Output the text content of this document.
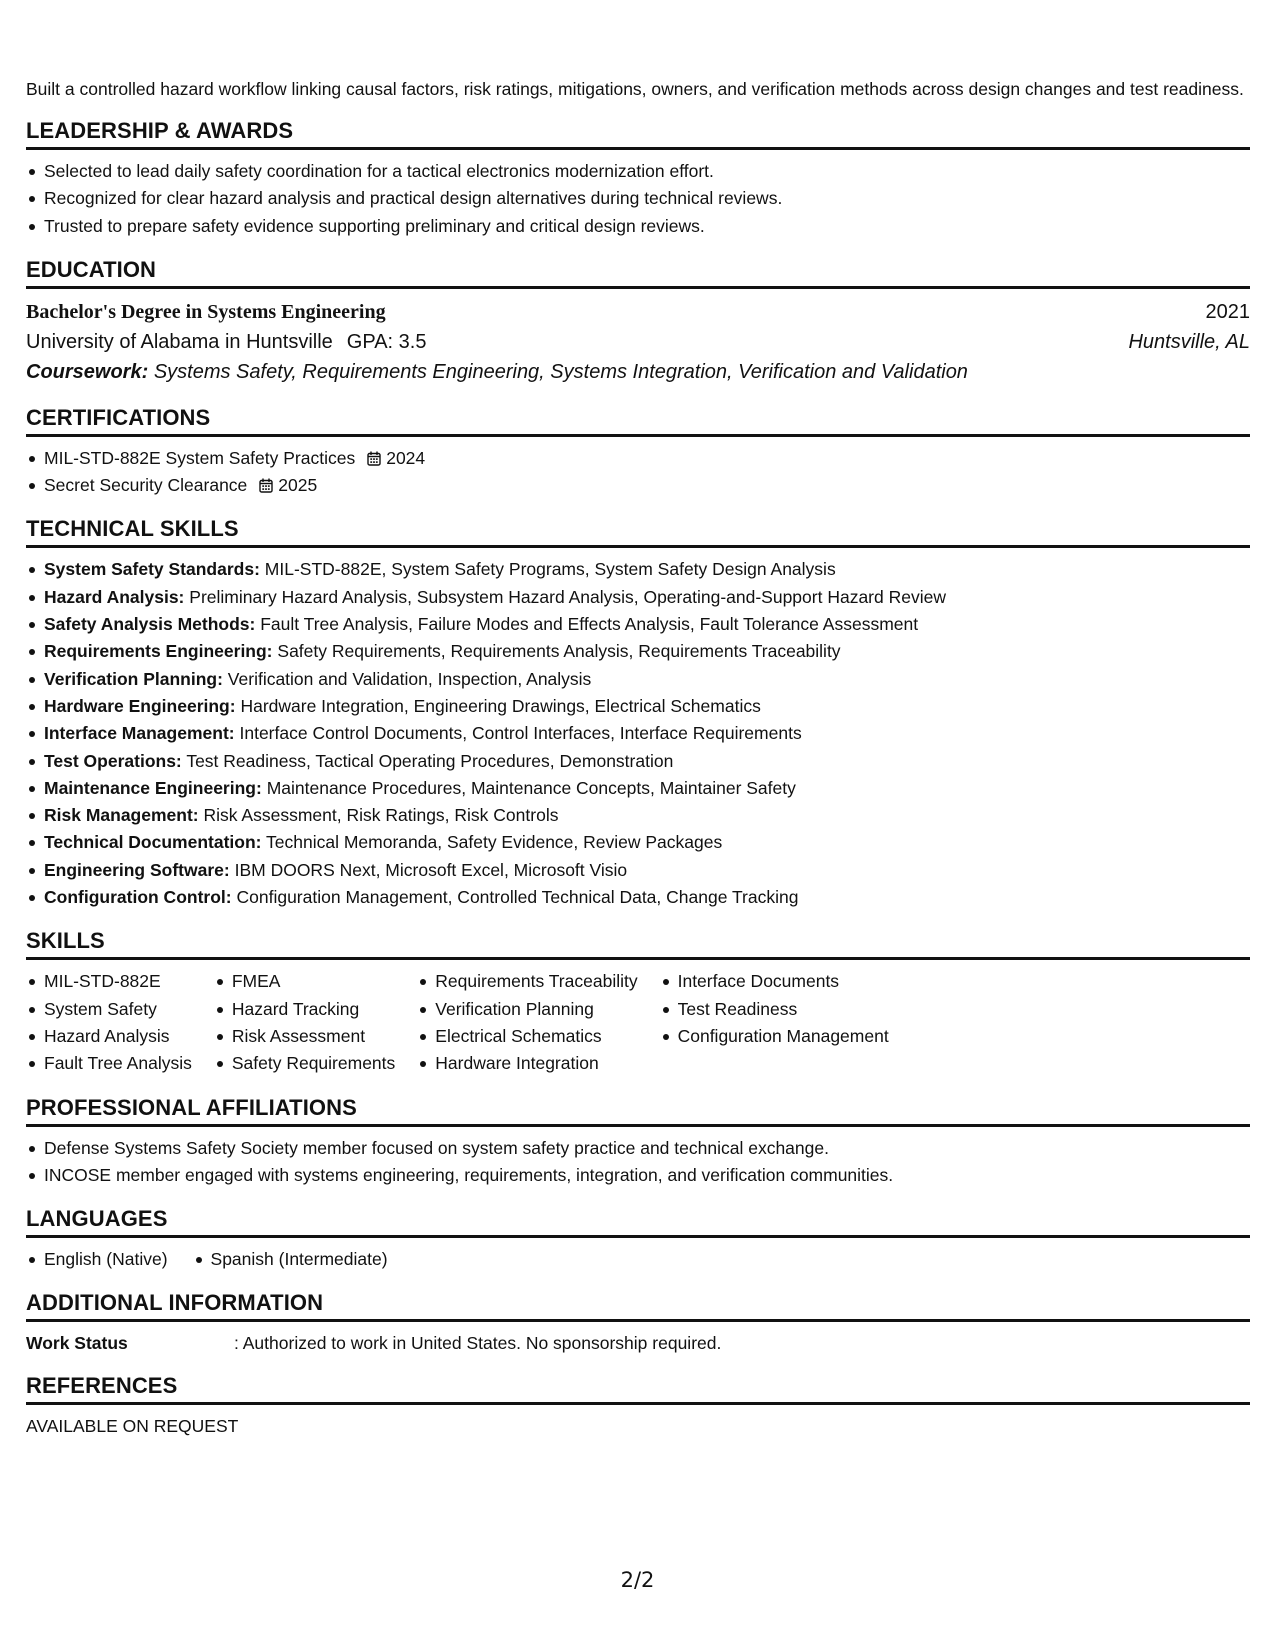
Built a controlled hazard workflow linking causal factors, risk ratings, mitigations, owners, and verification methods across design changes and test readiness.

LEADERSHIP & AWARDS
Selected to lead daily safety coordination for a tactical electronics modernization effort.
Recognized for clear hazard analysis and practical design alternatives during technical reviews.
Trusted to prepare safety evidence supporting preliminary and critical design reviews.
EDUCATION
Bachelor's Degree in Systems Engineering	2021
University of Alabama in Huntsville GPA: 3.5	Huntsville, AL
Coursework: Systems Safety, Requirements Engineering, Systems Integration, Verification and Validation
CERTIFICATIONS
MIL-STD-882E System Safety Practices 2024
Secret Security Clearance 2025
TECHNICAL SKILLS
System Safety Standards: MIL-STD-882E, System Safety Programs, System Safety Design Analysis
Hazard Analysis: Preliminary Hazard Analysis, Subsystem Hazard Analysis, Operating-and-Support Hazard Review
Safety Analysis Methods: Fault Tree Analysis, Failure Modes and Effects Analysis, Fault Tolerance Assessment
Requirements Engineering: Safety Requirements, Requirements Analysis, Requirements Traceability
Verification Planning: Verification and Validation, Inspection, Analysis
Hardware Engineering: Hardware Integration, Engineering Drawings, Electrical Schematics
Interface Management: Interface Control Documents, Control Interfaces, Interface Requirements
Test Operations: Test Readiness, Tactical Operating Procedures, Demonstration
Maintenance Engineering: Maintenance Procedures, Maintenance Concepts, Maintainer Safety
Risk Management: Risk Assessment, Risk Ratings, Risk Controls
Technical Documentation: Technical Memoranda, Safety Evidence, Review Packages
Engineering Software: IBM DOORS Next, Microsoft Excel, Microsoft Visio
Configuration Control: Configuration Management, Controlled Technical Data, Change Tracking
SKILLS
MIL-STD-882E
System Safety
Hazard Analysis
Fault Tree Analysis
FMEA
Hazard Tracking
Risk Assessment
Safety Requirements
Requirements Traceability
Verification Planning
Electrical Schematics
Hardware Integration
Interface Documents
Test Readiness
Configuration Management
PROFESSIONAL AFFILIATIONS
Defense Systems Safety Society member focused on system safety practice and technical exchange.
INCOSE member engaged with systems engineering, requirements, integration, and verification communities.
LANGUAGES
English (Native)	Spanish (Intermediate)
ADDITIONAL INFORMATION
Work Status	: Authorized to work in United States. No sponsorship required.
REFERENCES

AVAILABLE ON REQUEST

2/2
